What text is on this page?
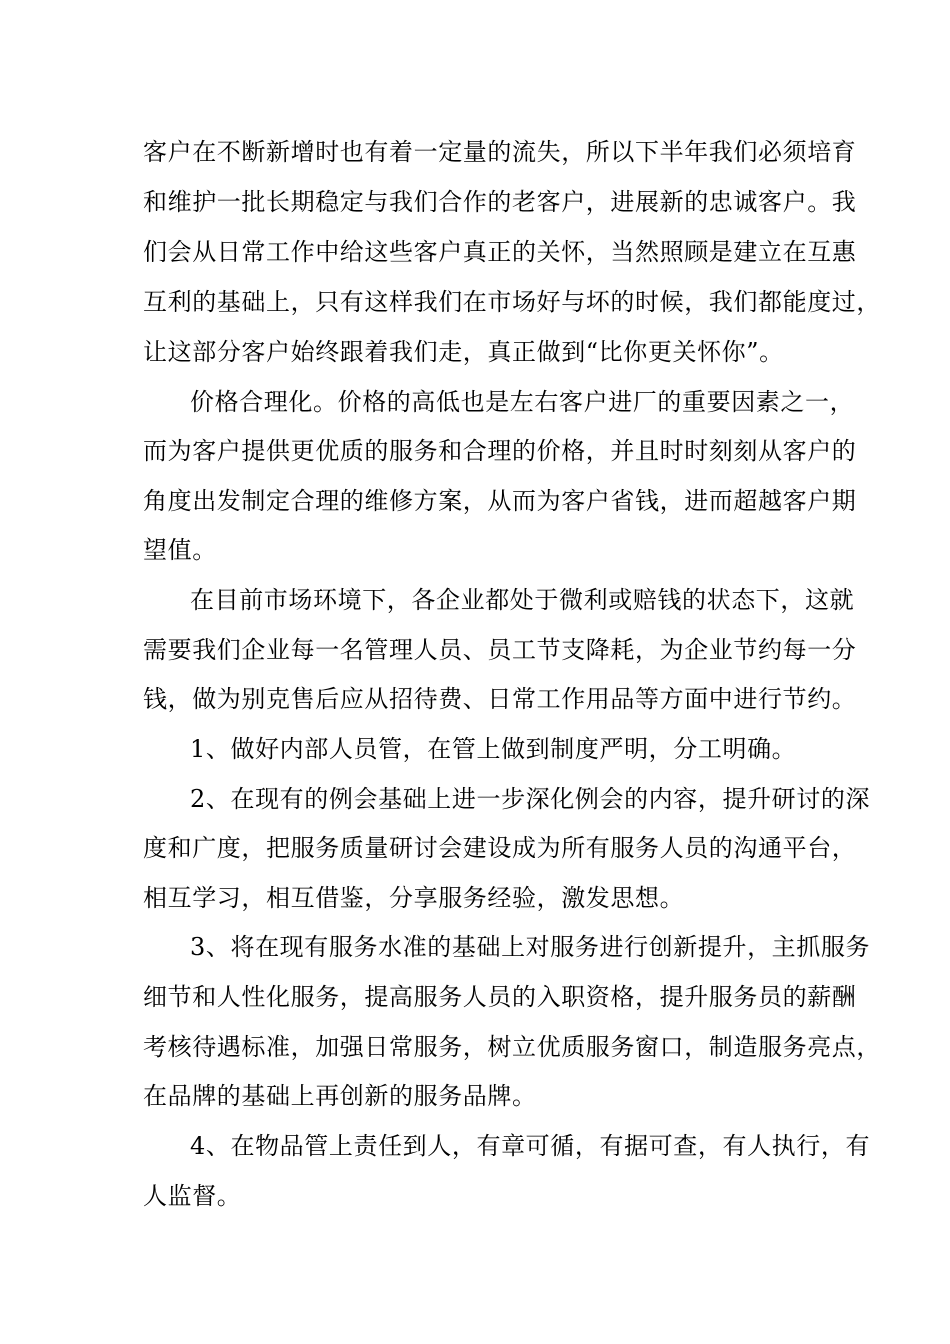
客户在不断新增时也有着一定量的流失，所以下半年我们必须培育
和维护一批长期稳定与我们合作的老客户，进展新的忠诚客户。我
们会从日常工作中给这些客户真正的关怀，当然照顾是建立在互惠
互利的基础上，只有这样我们在市场好与坏的时候，我们都能度过，
让这部分客户始终跟着我们走，真正做到“比你更关怀你”。
价格合理化。价格的高低也是左右客户进厂的重要因素之一，
而为客户提供更优质的服务和合理的价格，并且时时刻刻从客户的
角度出发制定合理的维修方案，从而为客户省钱，进而超越客户期
望值。
在目前市场环境下，各企业都处于微利或赔钱的状态下，这就
需要我们企业每一名管理人员、员工节支降耗，为企业节约每一分
钱，做为别克售后应从招待费、日常工作用品等方面中进行节约。
1、做好内部人员管，在管上做到制度严明，分工明确。
2、在现有的例会基础上进一步深化例会的内容，提升研讨的深
度和广度，把服务质量研讨会建设成为所有服务人员的沟通平台，
相互学习，相互借鉴，分享服务经验，激发思想。
3、将在现有服务水准的基础上对服务进行创新提升，主抓服务
细节和人性化服务，提高服务人员的入职资格，提升服务员的薪酬
考核待遇标准，加强日常服务，树立优质服务窗口，制造服务亮点，
在品牌的基础上再创新的服务品牌。
4、在物品管上责任到人，有章可循，有据可查，有人执行，有
人监督。
